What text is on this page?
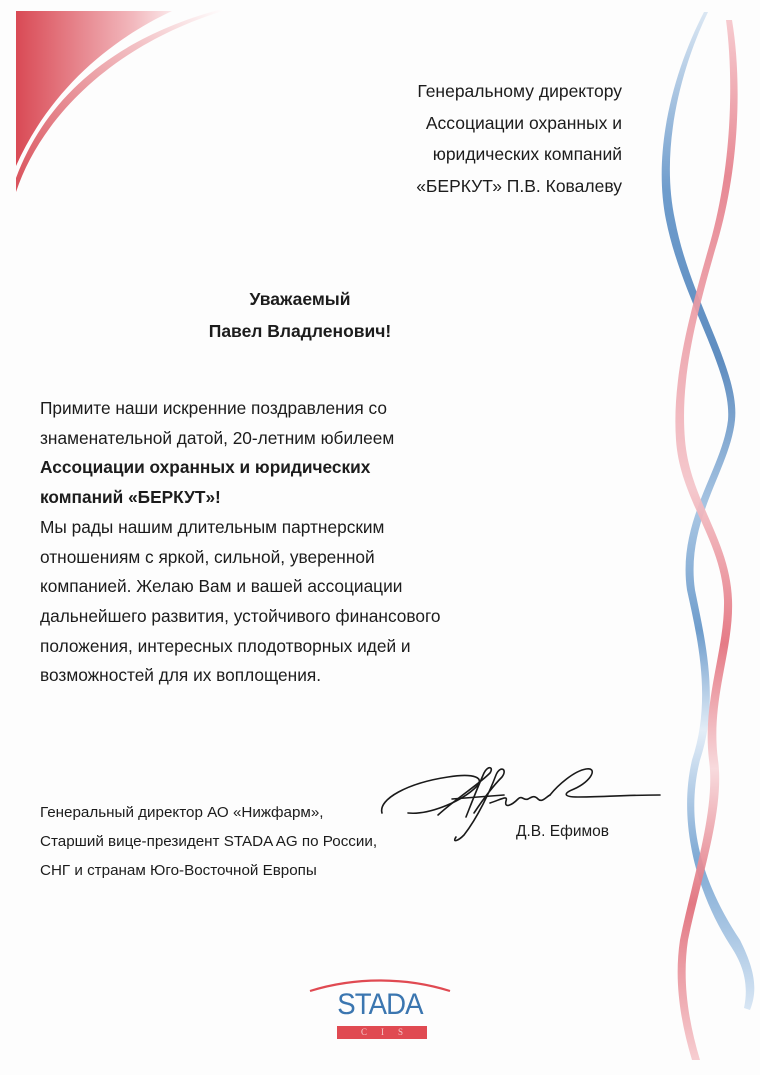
Генеральному директору
Ассоциации охранных и
юридических компаний
«БЕРКУТ» П.В. Ковалеву
Уважаемый
Павел Владленович!
Примите наши искренние поздравления со
знаменательной датой, 20-летним юбилеем
Ассоциации охранных и юридических
компаний «БЕРКУТ»!
Мы рады нашим длительным партнерским
отношениям с яркой, сильной, уверенной
компанией. Желаю Вам и вашей ассоциации
дальнейшего развития, устойчивого финансового
положения, интересных плодотворных идей и
возможностей для их воплощения.
Генеральный директор АО «Нижфарм»,
Старший вице-президент STADA AG по России,
СНГ и странам Юго-Восточной Европы
Д.В. Ефимов
STADA
CIS
